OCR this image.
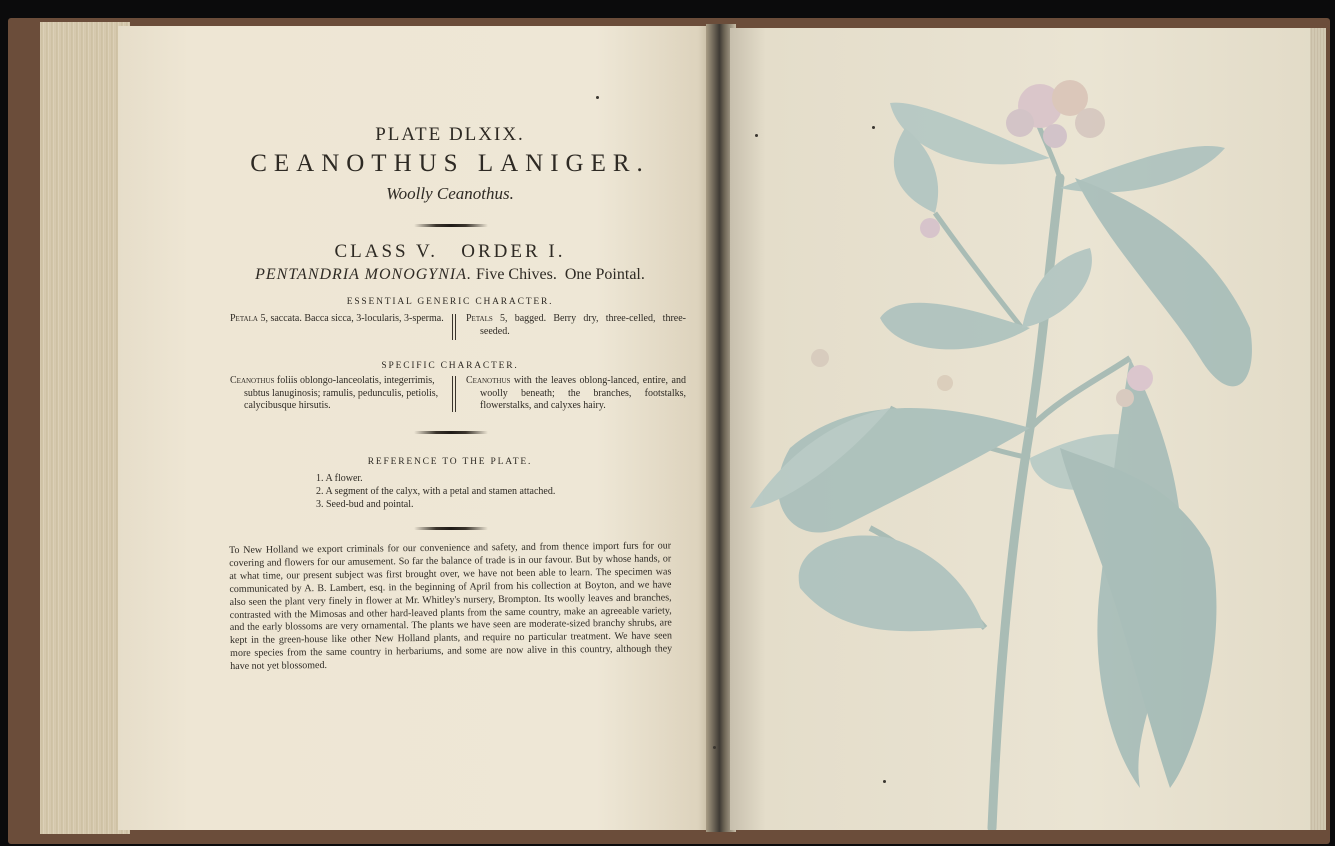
PLATE DLXIX.
CEANOTHUS LANIGER.
Woolly Ceanothus.
CLASS V.   ORDER I.
PENTANDRIA MONOGYNIA. Five Chives.  One Pointal.
ESSENTIAL GENERIC CHARACTER.
Petala 5, saccata. Bacca sicca, 3-locularis, 3-sperma.	Petals 5, bagged. Berry dry, three-celled, three-seeded.
SPECIFIC CHARACTER.
Ceanothus foliis oblongo-lanceolatis, integerrimis, subtus lanuginosis; ramulis, pedunculis, petiolis, calycibusque hirsutis.
Ceanothus with the leaves oblong-lanced, entire, and woolly beneath; the branches, footstalks, flowerstalks, and calyxes hairy.
REFERENCE TO THE PLATE.
1. A flower.
2. A segment of the calyx, with a petal and stamen attached.
3. Seed-bud and pointal.
To New Holland we export criminals for our convenience and safety, and from thence import furs for our covering and flowers for our amusement. So far the balance of trade is in our favour. But by whose hands, or at what time, our present subject was first brought over, we have not been able to learn. The specimen was communicated by A. B. Lambert, esq. in the beginning of April from his collection at Boyton, and we have also seen the plant very finely in flower at Mr. Whitley's nursery, Brompton. Its woolly leaves and branches, contrasted with the Mimosas and other hard-leaved plants from the same country, make an agreeable variety, and the early blossoms are very ornamental. The plants we have seen are moderate-sized branchy shrubs, are kept in the green-house like other New Holland plants, and require no particular treatment. We have seen more species from the same country in herbariums, and some are now alive in this country, although they have not yet blossomed.
